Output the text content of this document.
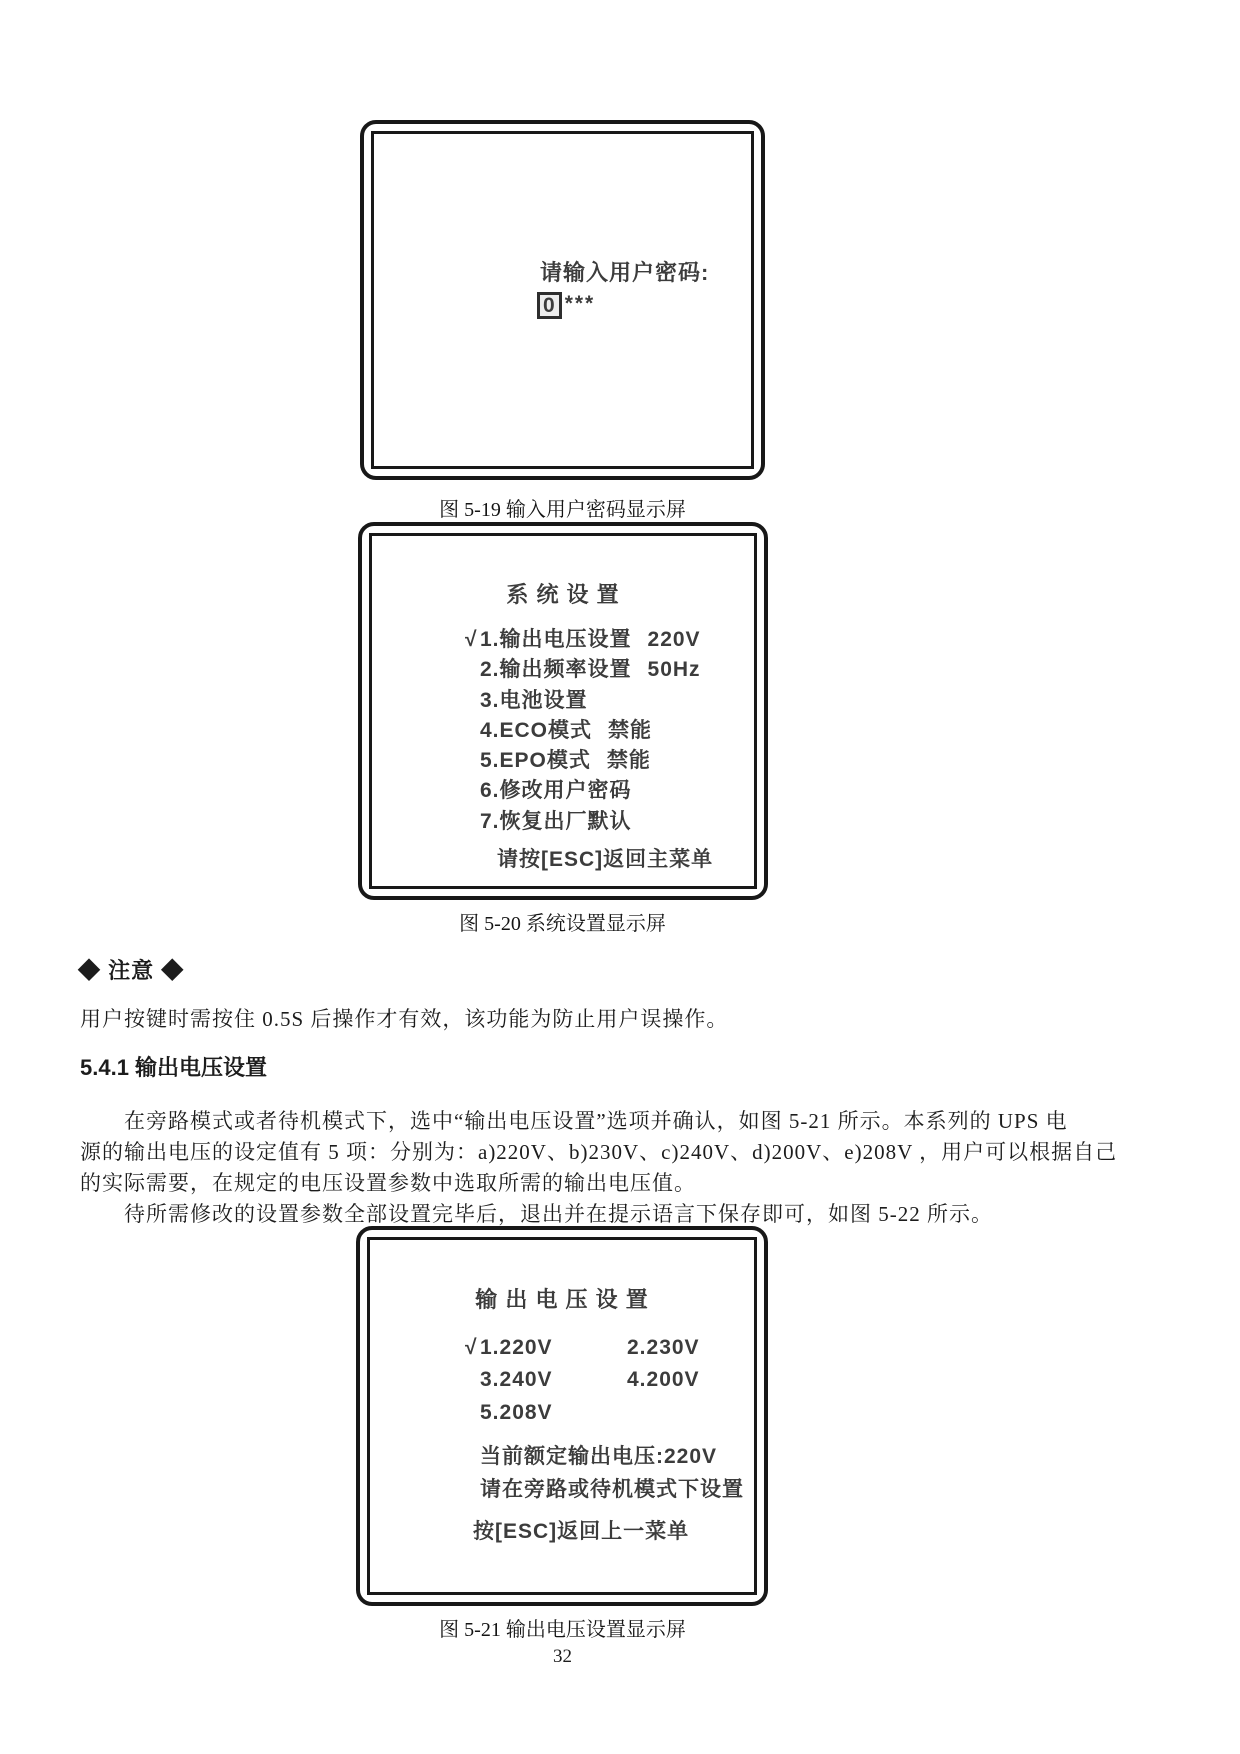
请输入用户密码:
0 ***
图 5-19 输入用户密码显示屏
系 统 设 置
√ 1.输出电压设置 220V
2.输出频率设置 50Hz
3.电池设置
4.ECO模式 禁能
5.EPO模式 禁能
6.修改用户密码
7.恢复出厂默认
请按[ESC]返回主菜单
图 5-20 系统设置显示屏
◆ 注意 ◆
用户按键时需按住 0.5S 后操作才有效，该功能为防止用户误操作。
5.4.1 输出电压设置
在旁路模式或者待机模式下，选中“输出电压设置”选项并确认，如图 5-21 所示。本系列的 UPS 电
源的输出电压的设定值有 5 项：分别为：a)220V、b)230V、c)240V、d)200V、e)208V ，用户可以根据自己
的实际需要，在规定的电压设置参数中选取所需的输出电压值。
待所需修改的设置参数全部设置完毕后，退出并在提示语言下保存即可，如图 5-22 所示。
输 出 电 压 设 置
√ 1.220V	2.230V
3.240V	4.200V
5.208V
当前额定输出电压:220V
请在旁路或待机模式下设置
按[ESC]返回上一菜单
图 5-21 输出电压设置显示屏
32
